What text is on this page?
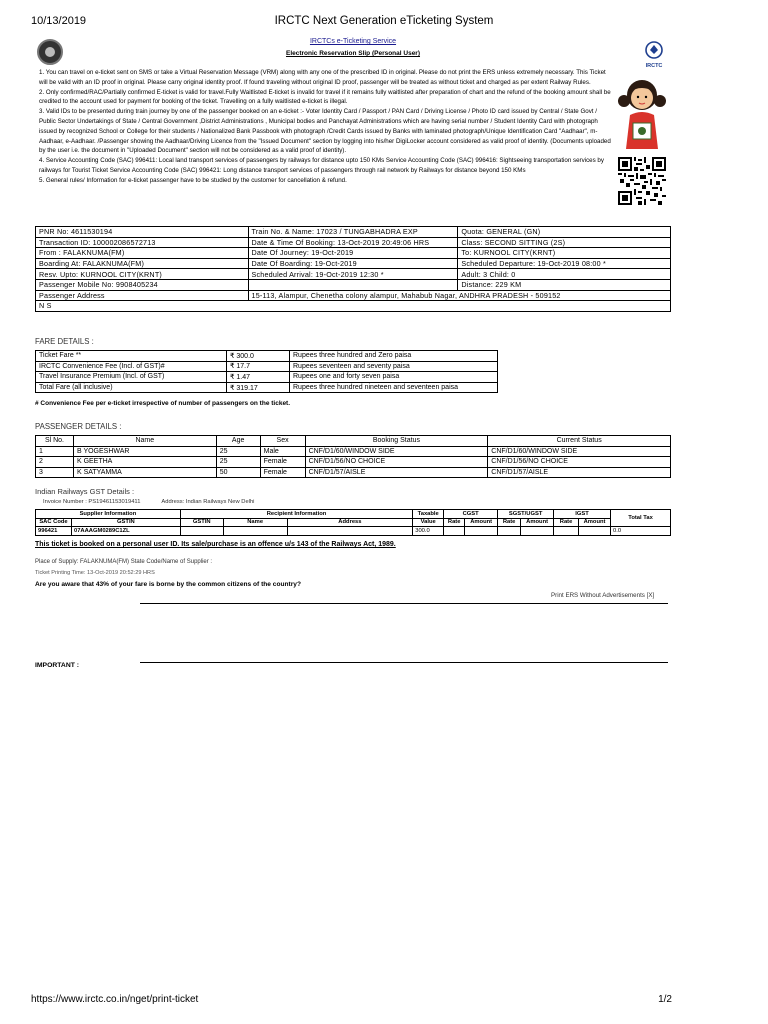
10/13/2019	IRCTC Next Generation eTicketing System
IRCTC
IRCTCs e-Ticketing Service
Electronic Reservation Slip (Personal User)

1. You can travel on e-ticket sent on SMS or take a Virtual Reservation Message (VRM) along with any one of the prescribed ID in original. Please do not print the ERS unless extremely necessary. This Ticket will be valid with an ID proof in original. Please carry original identity proof. If found traveling without original ID proof, passenger will be treated as without ticket and charged as per extent Railway Rules.

2. Only confirmed/RAC/Partially confirmed E-ticket is valid for travel.Fully Waitlisted E-ticket is invalid for travel if it remains fully waitlisted after preparation of chart and the refund of the booking amount shall be credited to the account used for payment for booking of the ticket. Travelling on a fully waitlisted e-ticket is illegal.

3. Valid IDs to be presented during train journey by one of the passenger booked on an e-ticket :- Voter Identity Card / Passport / PAN Card / Driving License / Photo ID card issued by Central / State Govt / Public Sector Undertakings of State / Central Government ,District Administrations , Municipal bodies and Panchayat Administrations which are having serial number / Student Identity Card with photograph issued by recognized School or College for their students / Nationalized Bank Passbook with photograph /Credit Cards issued by Banks with laminated photograph/Unique Identification Card "Aadhaar", m-Aadhaar, e-Aadhaar. /Passenger showing the Aadhaar/Driving Licence from the "Issued Document" section by logging into his/her DigiLocker account considered as valid proof of identity. (Documents uploaded by the user i.e. the document in "Uploaded Document" section will not be considered as a valid proof of identity).

4. Service Accounting Code (SAC) 996411: Local land transport services of passengers by railways for distance upto 150 KMs Service Accounting Code (SAC) 996416: Sightseeing transportation services by railways for Tourist Ticket Service Accounting Code (SAC) 996421: Long distance transport services of passengers through rail network by Railways for distance beyond 150 KMs

5. General rules/ Information for e-ticket passenger have to be studied by the customer for cancellation & refund.

PNR No: 4611530194	Train No. & Name: 17023 / TUNGABHADRA EXP	Quota: GENERAL (GN)
Transaction ID: 100002086572713	Date & Time Of Booking: 13-Oct-2019 20:49:06 HRS	Class: SECOND SITTING (2S)
From : FALAKNUMA(FM)	Date Of Journey: 19-Oct-2019	To: KURNOOL CITY(KRNT)
Boarding At: FALAKNUMA(FM)	Date Of Boarding: 19-Oct-2019	Scheduled Departure: 19-Oct-2019 08:00 *
Resv. Upto: KURNOOL CITY(KRNT)	Scheduled Arrival: 19-Oct-2019 12:30 *	Adult: 3 Child: 0
Passenger Mobile No: 9908405234		Distance: 229 KM
Passenger Address	15-113, Alampur, Chenetha colony alampur, Mahabub Nagar, ANDHRA PRADESH - 509152	
N S		
FARE DETAILS :
Ticket Fare **	₹ 300.0	Rupees three hundred and Zero paisa
IRCTC Convenience Fee (Incl. of GST)#	₹ 17.7	Rupees seventeen and seventy paisa
Travel Insurance Premium (Incl. of GST)	₹ 1.47	Rupees one and forty seven paisa
Total Fare (all inclusive)	₹ 319.17	Rupees three hundred nineteen and seventeen paisa
# Convenience Fee per e-ticket irrespective of number of passengers on the ticket.
PASSENGER DETAILS :
Sl No.	Name	Age	Sex	Booking Status	Current Status
1	B YOGESHWAR	25	Male	CNF/D1/60/WINDOW SIDE	CNF/D1/60/WINDOW SIDE
2	K GEETHA	25	Female	CNF/D1/56/NO CHOICE	CNF/D1/56/NO CHOICE
3	K SATYAMMA	50	Female	CNF/D1/57/AISLE	CNF/D1/57/AISLE
Indian Railways GST Details :
Invoice Number : PS19461153019411	Address: Indian Railways New Delhi
Supplier Information		Recipient Information			Taxable	CGST		SGST/UGST		IGST		Total Tax
SAC Code	GSTIN	GSTIN	Name	Address	Value	Rate	Amount	Rate	Amount	Rate	Amount	
996421	07AAAGM0289C1ZL				300.0							0.0
This ticket is booked on a personal user ID. Its sale/purchase is an offence u/s 143 of the Railways Act, 1989.
Place of Supply: FALAKNUMA(FM) State Code/Name of Supplier :
Ticket Printing Time: 13-Oct-2019 20:52:29 HRS
Are you aware that 43% of your fare is borne by the common citizens of the country?
Print ERS Without Advertisements [X]
IMPORTANT :
https://www.irctc.co.in/nget/print-ticket	1/2
